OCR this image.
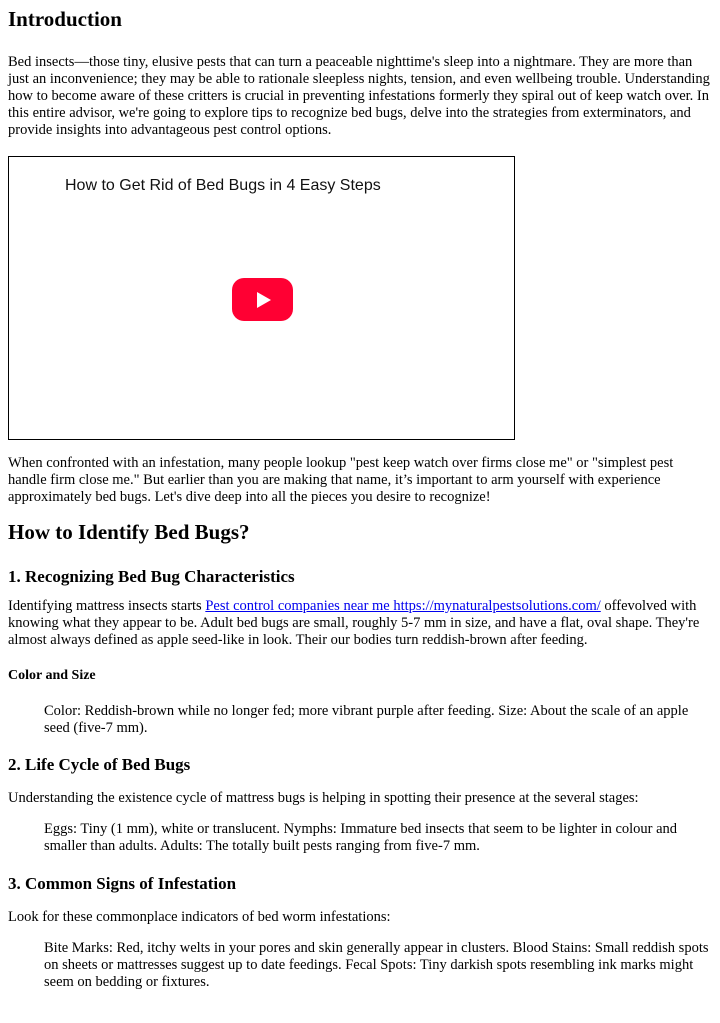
Introduction

Bed insects—those tiny, elusive pests that can turn a peaceable nighttime's sleep into a nightmare. They are more than just an inconvenience; they may be able to rationale sleepless nights, tension, and even wellbeing trouble. Understanding how to become aware of these critters is crucial in preventing infestations formerly they spiral out of keep watch over. In this entire advisor, we're going to explore tips to recognize bed bugs, delve into the strategies from exterminators, and provide insights into advantageous pest control options.

How to Get Rid of Bed Bugs in 4 Easy Steps

When confronted with an infestation, many people lookup "pest keep watch over firms close me" or "simplest pest handle firm close me." But earlier than you are making that name, it’s important to arm yourself with experience approximately bed bugs. Let's dive deep into all the pieces you desire to recognize!

How to Identify Bed Bugs?
1. Recognizing Bed Bug Characteristics

Identifying mattress insects starts Pest control companies near me https://mynaturalpestsolutions.com/ offevolved with knowing what they appear to be. Adult bed bugs are small, roughly 5-7 mm in size, and have a flat, oval shape. They're almost always defined as apple seed-like in look. Their our bodies turn reddish-brown after feeding.

Color and Size
Color: Reddish-brown while no longer fed; more vibrant purple after feeding. Size: About the scale of an apple seed (five-7 mm).
2. Life Cycle of Bed Bugs

Understanding the existence cycle of mattress bugs is helping in spotting their presence at the several stages:

Eggs: Tiny (1 mm), white or translucent. Nymphs: Immature bed insects that seem to be lighter in colour and smaller than adults. Adults: The totally built pests ranging from five-7 mm.
3. Common Signs of Infestation

Look for these commonplace indicators of bed worm infestations:

Bite Marks: Red, itchy welts in your pores and skin generally appear in clusters. Blood Stains: Small reddish spots on sheets or mattresses suggest up to date feedings. Fecal Spots: Tiny darkish spots resembling ink marks might seem on bedding or fixtures.
